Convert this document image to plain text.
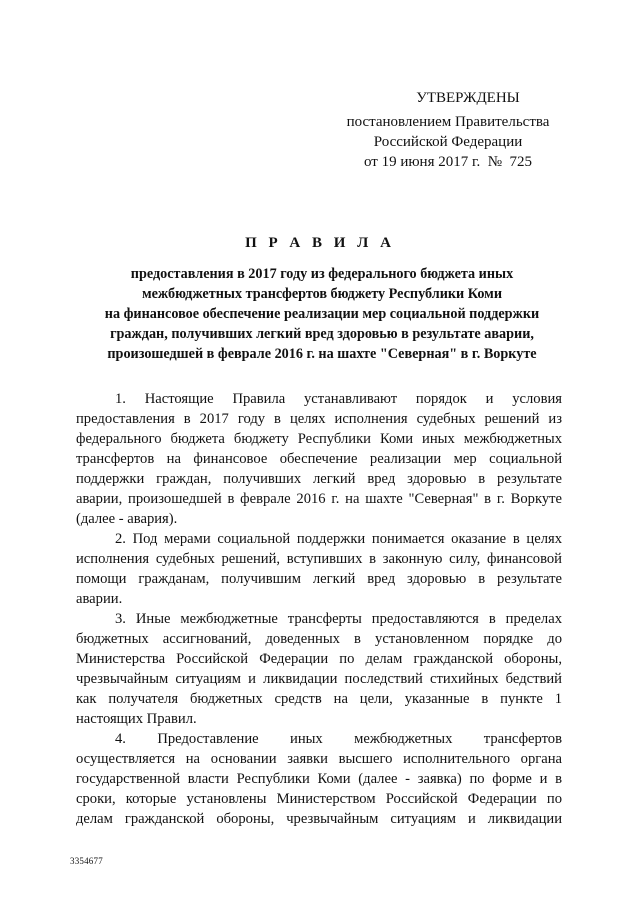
УТВЕРЖДЕНЫ
постановлением Правительства
Российской Федерации
от 19 июня 2017 г.  №  725
П Р А В И Л А
предоставления в 2017 году из федерального бюджета иных
межбюджетных трансфертов бюджету Республики Коми
на финансовое обеспечение реализации мер социальной поддержки
граждан, получивших легкий вред здоровью в результате аварии,
произошедшей в феврале 2016 г. на шахте "Северная" в г. Воркуте
1. Настоящие Правила устанавливают порядок и условия
предоставления в 2017 году в целях исполнения судебных решений из
федерального бюджета бюджету Республики Коми иных межбюджетных
трансфертов на финансовое обеспечение реализации мер социальной
поддержки граждан, получивших легкий вред здоровью в результате
аварии, произошедшей в феврале 2016 г. на шахте "Северная" в г. Воркуте
(далее - авария).
2. Под мерами социальной поддержки понимается оказание в целях
исполнения судебных решений, вступивших в законную силу, финансовой
помощи гражданам, получившим легкий вред здоровью в результате
аварии.
3. Иные межбюджетные трансферты предоставляются в пределах
бюджетных ассигнований, доведенных в установленном порядке до
Министерства Российской Федерации по делам гражданской обороны,
чрезвычайным ситуациям и ликвидации последствий стихийных бедствий
как получателя бюджетных средств на цели, указанные в пункте 1
настоящих Правил.
4. Предоставление иных межбюджетных трансфертов
осуществляется на основании заявки высшего исполнительного органа
государственной власти Республики Коми (далее - заявка) по форме и в
сроки, которые установлены Министерством Российской Федерации по
делам гражданской обороны, чрезвычайным ситуациям и ликвидации
3354677
